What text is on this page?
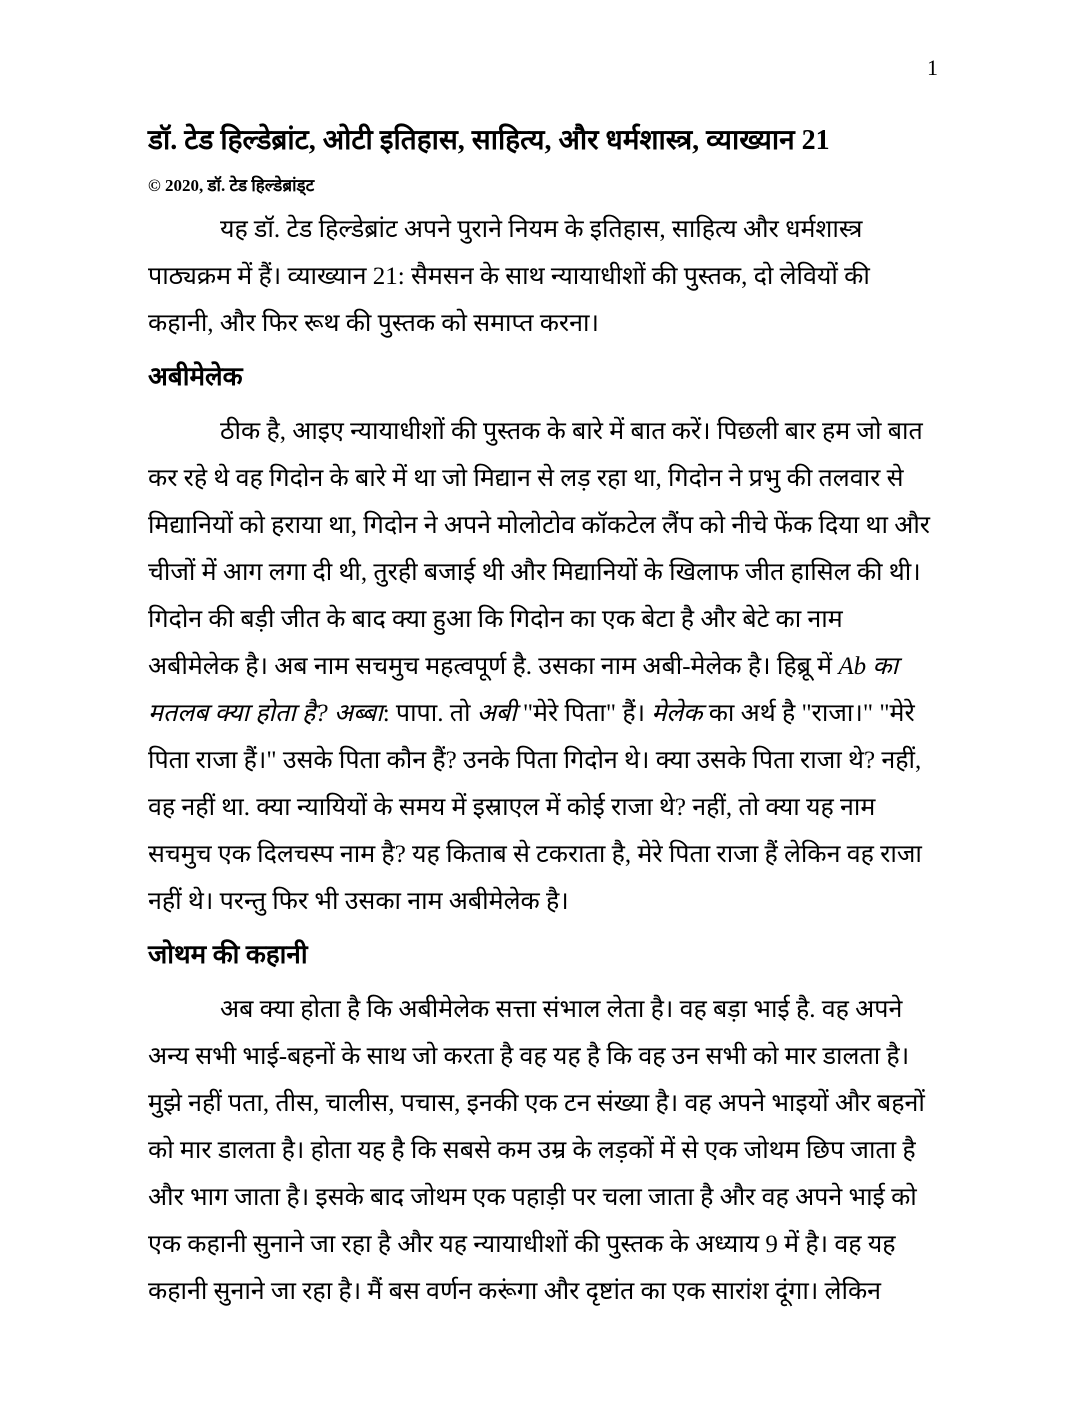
1
डॉ. टेड हिल्डेब्रांट, ओटी इतिहास, साहित्य, और धर्मशास्त्र, व्याख्यान 21
© 2020, डॉ. टेड हिल्डेब्रांड्ट

यह डॉ. टेड हिल्डेब्रांट अपने पुराने नियम के इतिहास, साहित्य और धर्मशास्त्र पाठ्यक्रम में हैं। व्याख्यान 21: सैमसन के साथ न्यायाधीशों की पुस्तक, दो लेवियों की कहानी, और फिर रूथ की पुस्तक को समाप्त करना।

अबीमेलेक

ठीक है, आइए न्यायाधीशों की पुस्तक के बारे में बात करें। पिछली बार हम जो बात कर रहे थे वह गिदोन के बारे में था जो मिद्यान से लड़ रहा था, गिदोन ने प्रभु की तलवार से मिद्यानियों को हराया था, गिदोन ने अपने मोलोटोव कॉकटेल लैंप को नीचे फेंक दिया था और चीजों में आग लगा दी थी, तुरही बजाई थी और मिद्यानियों के खिलाफ जीत हासिल की थी। गिदोन की बड़ी जीत के बाद क्या हुआ कि गिदोन का एक बेटा है और बेटे का नाम अबीमेलेक है। अब नाम सचमुच महत्वपूर्ण है. उसका नाम अबी-मेलेक है। हिब्रू में Ab का मतलब क्या होता है? अब्बा: पापा. तो अबी "मेरे पिता" हैं। मेलेक का अर्थ है "राजा।" "मेरे पिता राजा हैं।" उसके पिता कौन हैं? उनके पिता गिदोन थे। क्या उसके पिता राजा थे? नहीं, वह नहीं था. क्या न्यायियों के समय में इस्राएल में कोई राजा थे? नहीं, तो क्या यह नाम सचमुच एक दिलचस्प नाम है? यह किताब से टकराता है, मेरे पिता राजा हैं लेकिन वह राजा नहीं थे। परन्तु फिर भी उसका नाम अबीमेलेक है।

जोथम की कहानी

अब क्या होता है कि अबीमेलेक सत्ता संभाल लेता है। वह बड़ा भाई है. वह अपने अन्य सभी भाई-बहनों के साथ जो करता है वह यह है कि वह उन सभी को मार डालता है। मुझे नहीं पता, तीस, चालीस, पचास, इनकी एक टन संख्या है। वह अपने भाइयों और बहनों को मार डालता है। होता यह है कि सबसे कम उम्र के लड़कों में से एक जोथम छिप जाता है और भाग जाता है। इसके बाद जोथम एक पहाड़ी पर चला जाता है और वह अपने भाई को एक कहानी सुनाने जा रहा है और यह न्यायाधीशों की पुस्तक के अध्याय 9 में है। वह यह कहानी सुनाने जा रहा है। मैं बस वर्णन करूंगा और दृष्टांत का एक सारांश दूंगा। लेकिन
